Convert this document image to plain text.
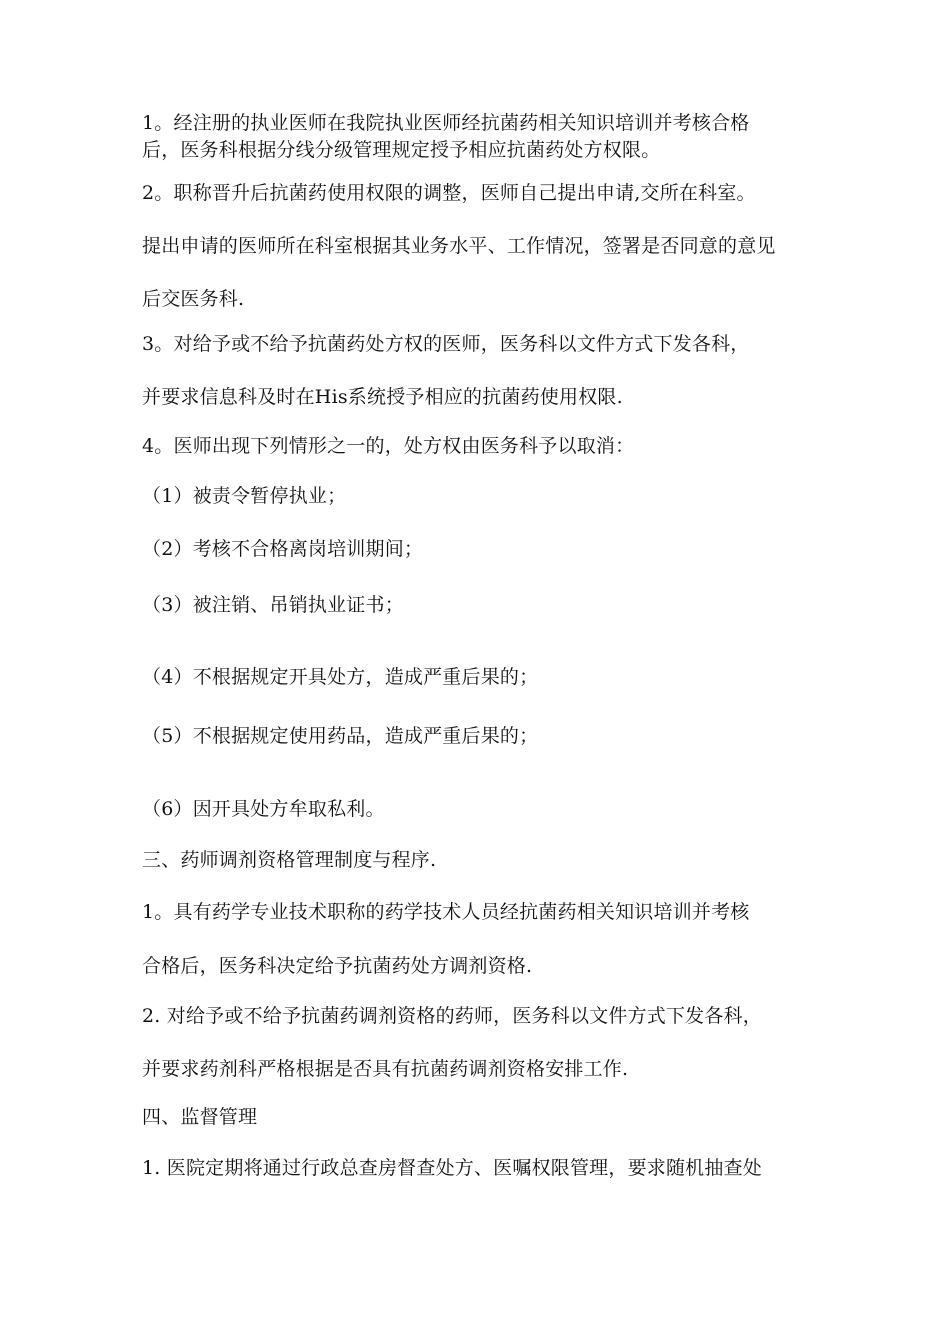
1。经注册的执业医师在我院执业医师经抗菌药相关知识培训并考核合格
后，医务科根据分线分级管理规定授予相应抗菌药处方权限。
2。职称晋升后抗菌药使用权限的调整，医师自己提出申请,交所在科室。
提出申请的医师所在科室根据其业务水平、工作情况，签署是否同意的意见
后交医务科.
3。对给予或不给予抗菌药处方权的医师，医务科以文件方式下发各科，
并要求信息科及时在His系统授予相应的抗菌药使用权限.
4。医师出现下列情形之一的，处方权由医务科予以取消：
（1）被责令暂停执业；
（2）考核不合格离岗培训期间；
（3）被注销、吊销执业证书；
（4）不根据规定开具处方，造成严重后果的；
（5）不根据规定使用药品，造成严重后果的；
（6）因开具处方牟取私利。
三、药师调剂资格管理制度与程序.
1。具有药学专业技术职称的药学技术人员经抗菌药相关知识培训并考核
合格后，医务科决定给予抗菌药处方调剂资格.
2. 对给予或不给予抗菌药调剂资格的药师，医务科以文件方式下发各科，
并要求药剂科严格根据是否具有抗菌药调剂资格安排工作.
四、监督管理
1. 医院定期将通过行政总查房督查处方、医嘱权限管理，要求随机抽查处
